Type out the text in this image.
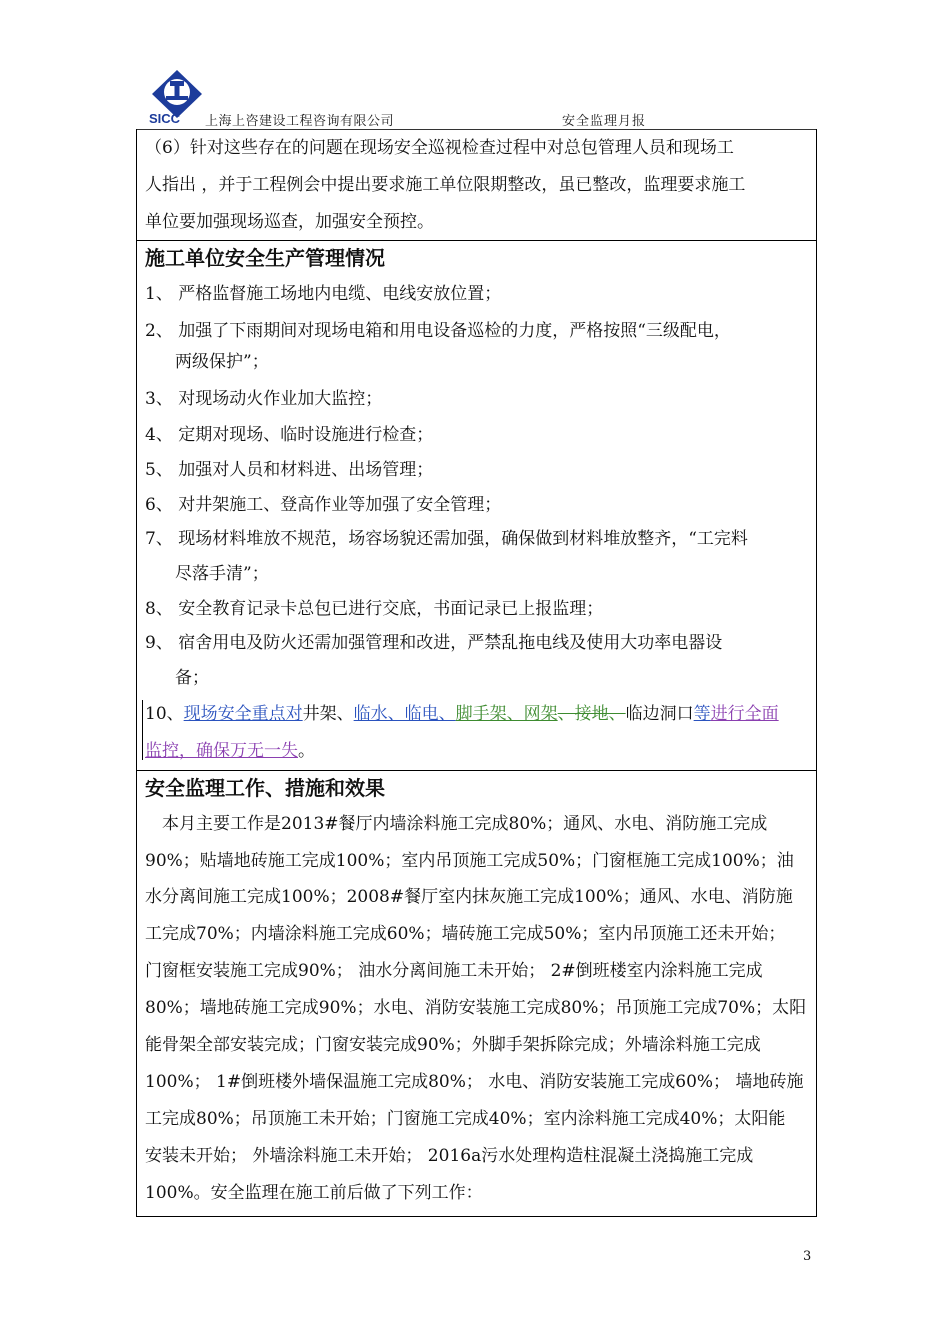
SICC 上海上咨建设工程咨询有限公司	安全监理月报
（6）针对这些存在的问题在现场安全巡视检查过程中对总包管理人员和现场工
人指出 ，并于工程例会中提出要求施工单位限期整改，虽已整改，监理要求施工
单位要加强现场巡查，加强安全预控。
施工单位安全生产管理情况
1、 严格监督施工场地内电缆、电线安放位置；
2、 加强了下雨期间对现场电箱和用电设备巡检的力度，严格按照“三级配电，
两级保护”；
3、 对现场动火作业加大监控；
4、 定期对现场、临时设施进行检查；
5、 加强对人员和材料进、出场管理；
6、 对井架施工、登高作业等加强了安全管理；
7、 现场材料堆放不规范，场容场貌还需加强，确保做到材料堆放整齐，“工完料
尽落手清”；
8、 安全教育记录卡总包已进行交底，书面记录已上报监理；
9、 宿舍用电及防火还需加强管理和改进，严禁乱拖电线及使用大功率电器设
备；
10、现场安全重点对井架、临水、临电、脚手架、网架、接地、临边洞口等进行全面
监控，确保万无一失。
安全监理工作、措施和效果
本月主要工作是2013#餐厅内墙涂料施工完成80%；通风、水电、消防施工完成
90%；贴墙地砖施工完成100%；室内吊顶施工完成50%；门窗框施工完成100%；油
水分离间施工完成100%；2008#餐厅室内抹灰施工完成100%；通风、水电、消防施
工完成70%；内墙涂料施工完成60%；墙砖施工完成50%；室内吊顶施工还未开始；
门窗框安装施工完成90%； 油水分离间施工未开始； 2#倒班楼室内涂料施工完成
80%；墙地砖施工完成90%；水电、消防安装施工完成80%；吊顶施工完成70%；太阳
能骨架全部安装完成；门窗安装完成90%；外脚手架拆除完成；外墙涂料施工完成
100%； 1#倒班楼外墙保温施工完成80%； 水电、消防安装施工完成60%； 墙地砖施
工完成80%；吊顶施工未开始；门窗施工完成40%；室内涂料施工完成40%；太阳能
安装未开始； 外墙涂料施工未开始； 2016a污水处理构造柱混凝土浇捣施工完成
100%。安全监理在施工前后做了下列工作：
3
